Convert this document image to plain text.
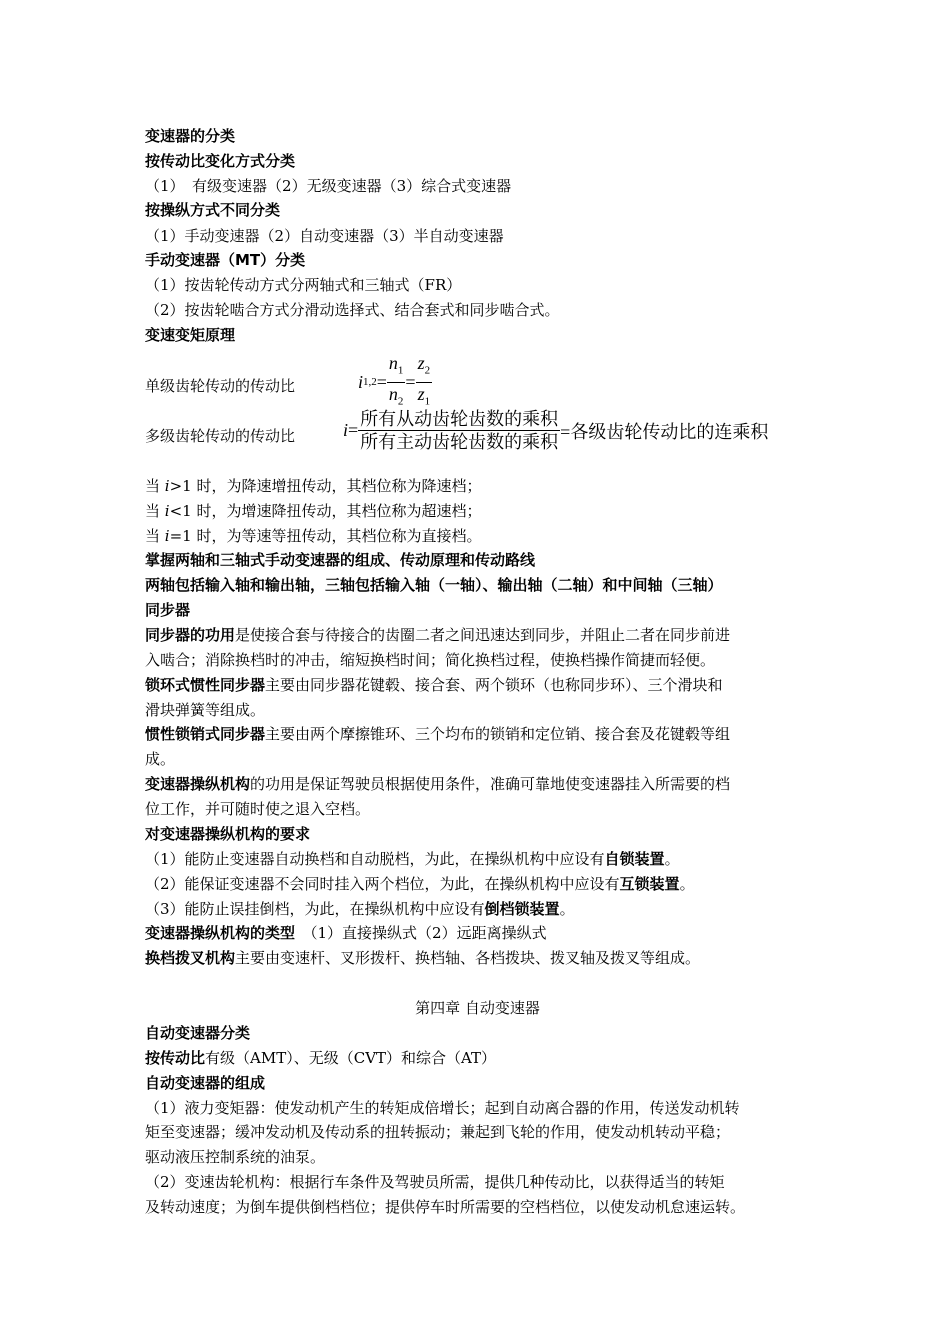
变速器的分类
按传动比变化方式分类
（1）　有级变速器（2）无级变速器（3）综合式变速器
按操纵方式不同分类
（1）手动变速器（2）自动变速器（3）半自动变速器
手动变速器（MT）分类
（1）按齿轮传动方式分两轴式和三轴式（FR）
（2）按齿轮啮合方式分滑动选择式、结合套式和同步啮合式。
变速变矩原理
单级齿轮传动的传动比	i $1,2 = \frac{n_1}{n_2} = \frac{z_2}{z_1}$
多级齿轮传动的传动比	$i = \frac{\text{所有从动齿轮齿数的乘积}}{\text{所有主动齿轮齿数的乘积}}$ =各级齿轮传动比的连乘积
当 i>1 时，为降速增扭传动，其档位称为降速档；
当 i<1 时，为增速降扭传动，其档位称为超速档；
当 i=1 时，为等速等扭传动，其档位称为直接档。
掌握两轴和三轴式手动变速器的组成、传动原理和传动路线
两轴包括输入轴和输出轴，三轴包括输入轴（一轴）、输出轴（二轴）和中间轴（三轴）
同步器
同步器的功用是使接合套与待接合的齿圈二者之间迅速达到同步，并阻止二者在同步前进
入啮合；消除换档时的冲击，缩短换档时间；简化换档过程，使换档操作简捷而轻便。
锁环式惯性同步器主要由同步器花键毂、接合套、两个锁环（也称同步环）、三个滑块和
滑块弹簧等组成。
惯性锁销式同步器主要由两个摩擦锥环、三个均布的锁销和定位销、接合套及花键毂等组
成。
变速器操纵机构的功用是保证驾驶员根据使用条件，准确可靠地使变速器挂入所需要的档
位工作，并可随时使之退入空档。
对变速器操纵机构的要求
（1）能防止变速器自动换档和自动脱档，为此，在操纵机构中应设有自锁装置。
（2）能保证变速器不会同时挂入两个档位，为此，在操纵机构中应设有互锁装置。
（3）能防止误挂倒档，为此，在操纵机构中应设有倒档锁装置。
变速器操纵机构的类型　（1）直接操纵式（2）远距离操纵式
换档拨叉机构主要由变速杆、叉形拨杆、换档轴、各档拨块、拨叉轴及拨叉等组成。
第四章 自动变速器
自动变速器分类
按传动比有级（AMT）、无级（CVT）和综合（AT）
自动变速器的组成
（1）液力变矩器：使发动机产生的转矩成倍增长；起到自动离合器的作用，传送发动机转
矩至变速器；缓冲发动机及传动系的扭转振动；兼起到飞轮的作用，使发动机转动平稳；
驱动液压控制系统的油泵。
（2）变速齿轮机构：根据行车条件及驾驶员所需，提供几种传动比，以获得适当的转矩
及转动速度；为倒车提供倒档档位；提供停车时所需要的空档档位，以使发动机怠速运转。
